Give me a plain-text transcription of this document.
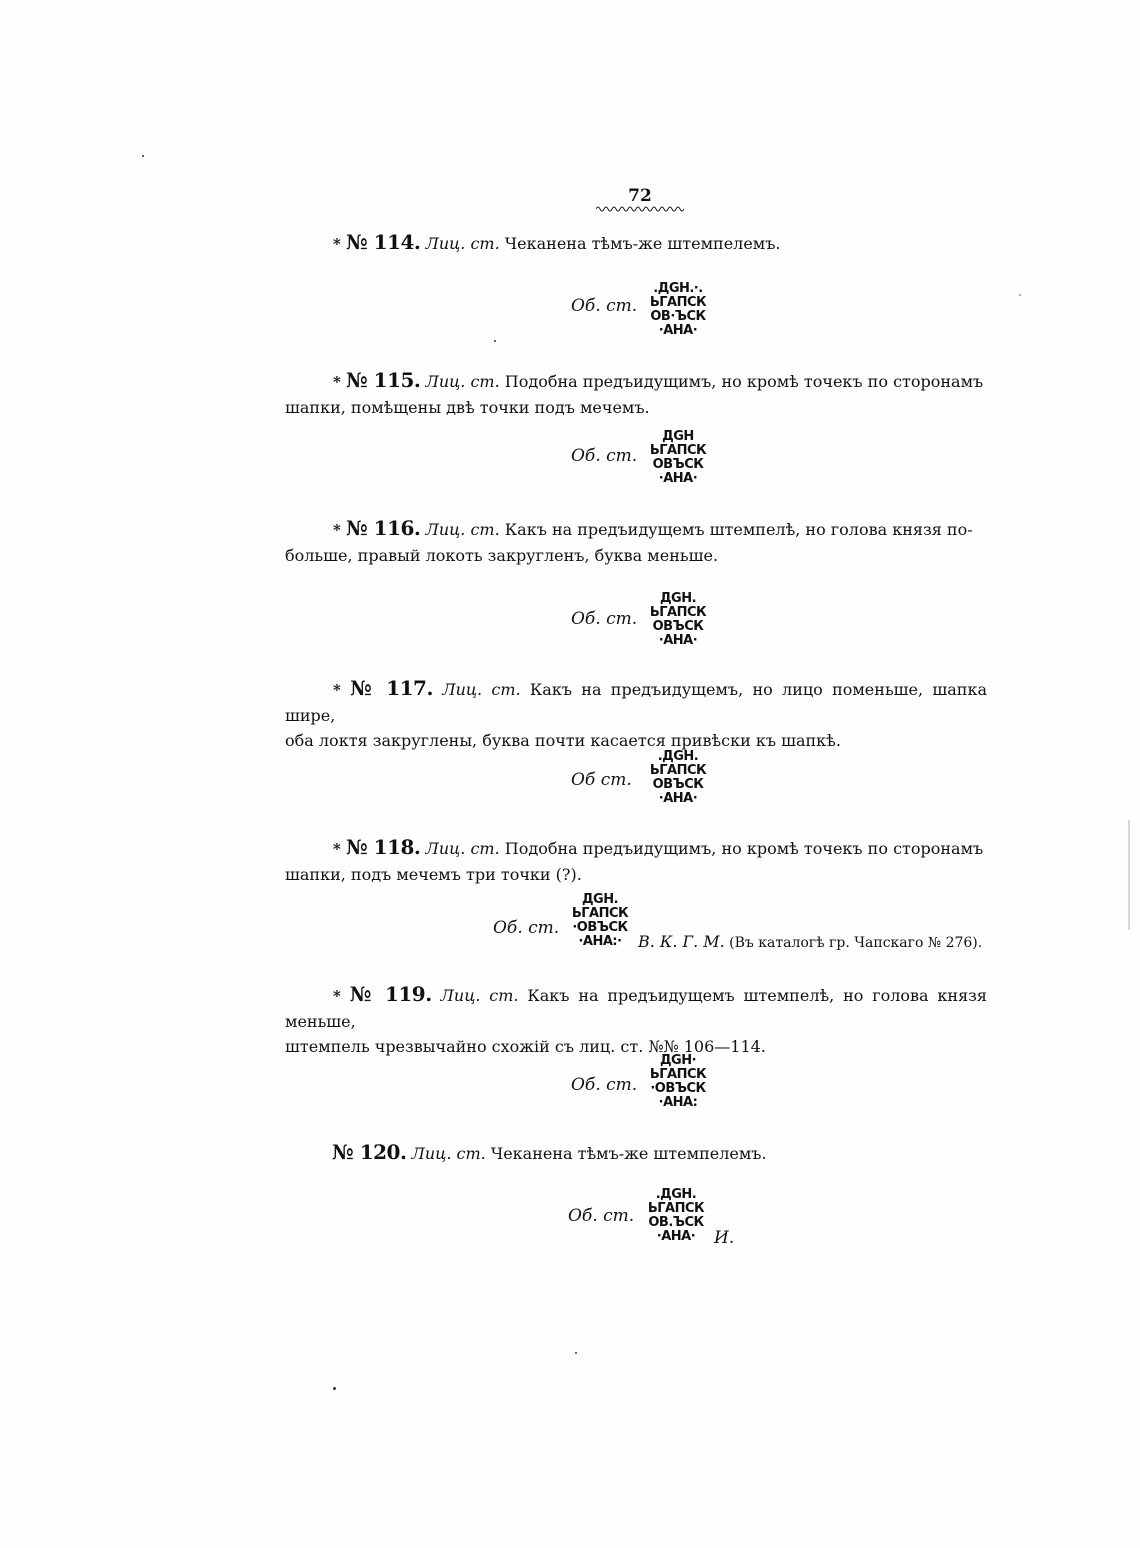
72
* № 114. Лиц. ст. Чеканена тѣмъ-же штемпелемъ.
Об. ст.
.ДGН.·.
ЬГАПСК
ОВ·ЪСК
·АНА·
* № 115. Лиц. ст. Подобна предъидущимъ, но кромѣ точекъ по сторонамъ
шапки, помѣщены двѣ точки подъ мечемъ.
Об. ст.
ДGН
ЬГАПСК
ОВЪСК
·АНА·
* № 116. Лиц. ст. Какъ на предъидущемъ штемпелѣ, но голова князя по-
больше, правый локоть закругленъ, буква меньше.
Об. ст.
ДGН.
ЬГАПСК
ОВЪСК
·АНА·
* № 117. Лиц. ст. Какъ на предъидущемъ, но лицо поменьше, шапка шире,
оба локтя закруглены, буква почти касается привѣски къ шапкѣ.
Об ст.
.ДGН.
ЬГАПСК
ОВЪСК
·АНА·
* № 118. Лиц. ст. Подобна предъидущимъ, но кромѣ точекъ по сторонамъ
шапки, подъ мечемъ три точки (?).
Об. ст.
ДGН.
ЬГАПСК
·ОВЪСК
·АНА:·	В. К. Г. М. (Въ каталогѣ гр. Чапскаго № 276).
* № 119. Лиц. ст. Какъ на предъидущемъ штемпелѣ, но голова князя меньше,
штемпель чрезвычайно схожій съ лиц. ст. №№ 106—114.
Об. ст.
ДGН·
ЬГАПСК
·ОВЪСК
·АНА:
№ 120. Лиц. ст. Чеканена тѣмъ-же штемпелемъ.
Об. ст.
.ДGН.
ЬГАПСК
ОВ.ЪСК
·АНА·	И.
